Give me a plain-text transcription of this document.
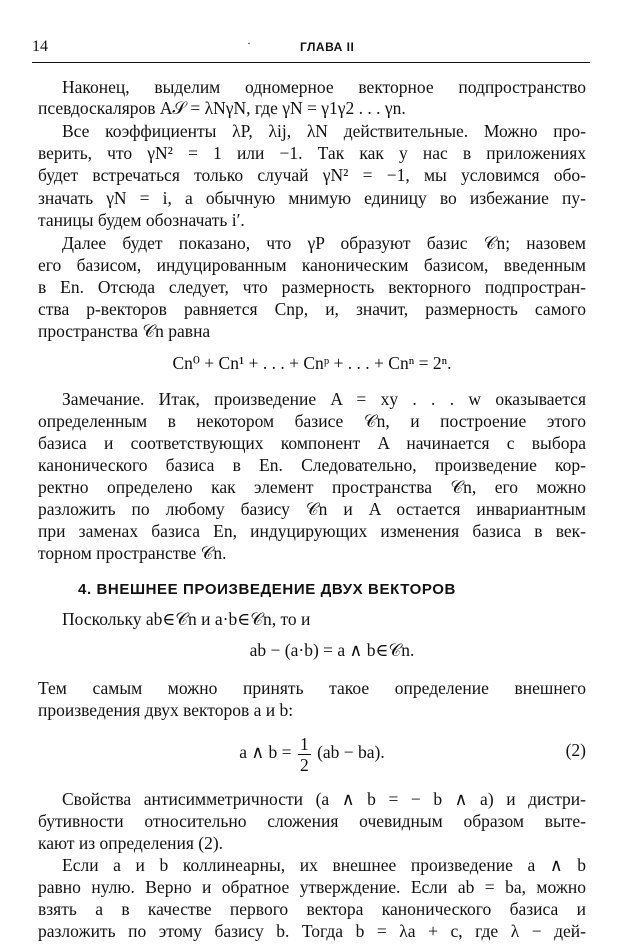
14	·	ГЛАВА II
Наконец, выделим одномерное векторное подпространство
псевдоскаляров A𝒮 = λNγN, где γN = γ1γ2 . . . γn.
Все коэффициенты λP, λij, λN действительные. Можно про-
верить, что γN² = 1 или −1. Так как у нас в приложениях
будет встречаться только случай γN² = −1, мы условимся обо-
значать γN = i, а обычную мнимую единицу во избежание пу-
таницы будем обозначать i′.
Далее будет показано, что γP образуют базис 𝒞n; назовем
его базисом, индуцированным каноническим базисом, введенным
в En. Отсюда следует, что размерность векторного подпростран-
ства p-векторов равняется Cnp, и, значит, размерность самого
пространства 𝒞n равна
Cn⁰ + Cn¹ + . . . + Cnᵖ + . . . + Cnⁿ = 2ⁿ.
Замечание. Итак, произведение A = xy . . . w оказывается
определенным в некотором базисе 𝒞n, и построение этого
базиса и соответствующих компонент A начинается с выбора
канонического базиса в En. Следовательно, произведение кор-
ректно определено как элемент пространства 𝒞n, его можно
разложить по любому базису 𝒞n и A остается инвариантным
при заменах базиса En, индуцирующих изменения базиса в век-
торном пространстве 𝒞n.
4. ВНЕШНЕЕ ПРОИЗВЕДЕНИЕ ДВУХ ВЕКТОРОВ
Поскольку ab∈𝒞n и a·b∈𝒞n, то и
ab − (a·b) = a ∧ b∈𝒞n.
Тем самым можно принять такое определение внешнего
произведения двух векторов a и b:
a ∧ $b = \frac{1}{2} (ab - ba)$.	(2)
Свойства антисимметричности (a ∧ b = − b ∧ a) и дистри-
бутивности относительно сложения очевидным образом выте-
кают из определения (2).
Если a и b коллинеарны, их внешнее произведение a ∧ b
равно нулю. Верно и обратное утверждение. Если ab = ba, можно
взять a в качестве первого вектора канонического базиса и
разложить по этому базису b. Тогда b = λa + c, где λ − дей-
